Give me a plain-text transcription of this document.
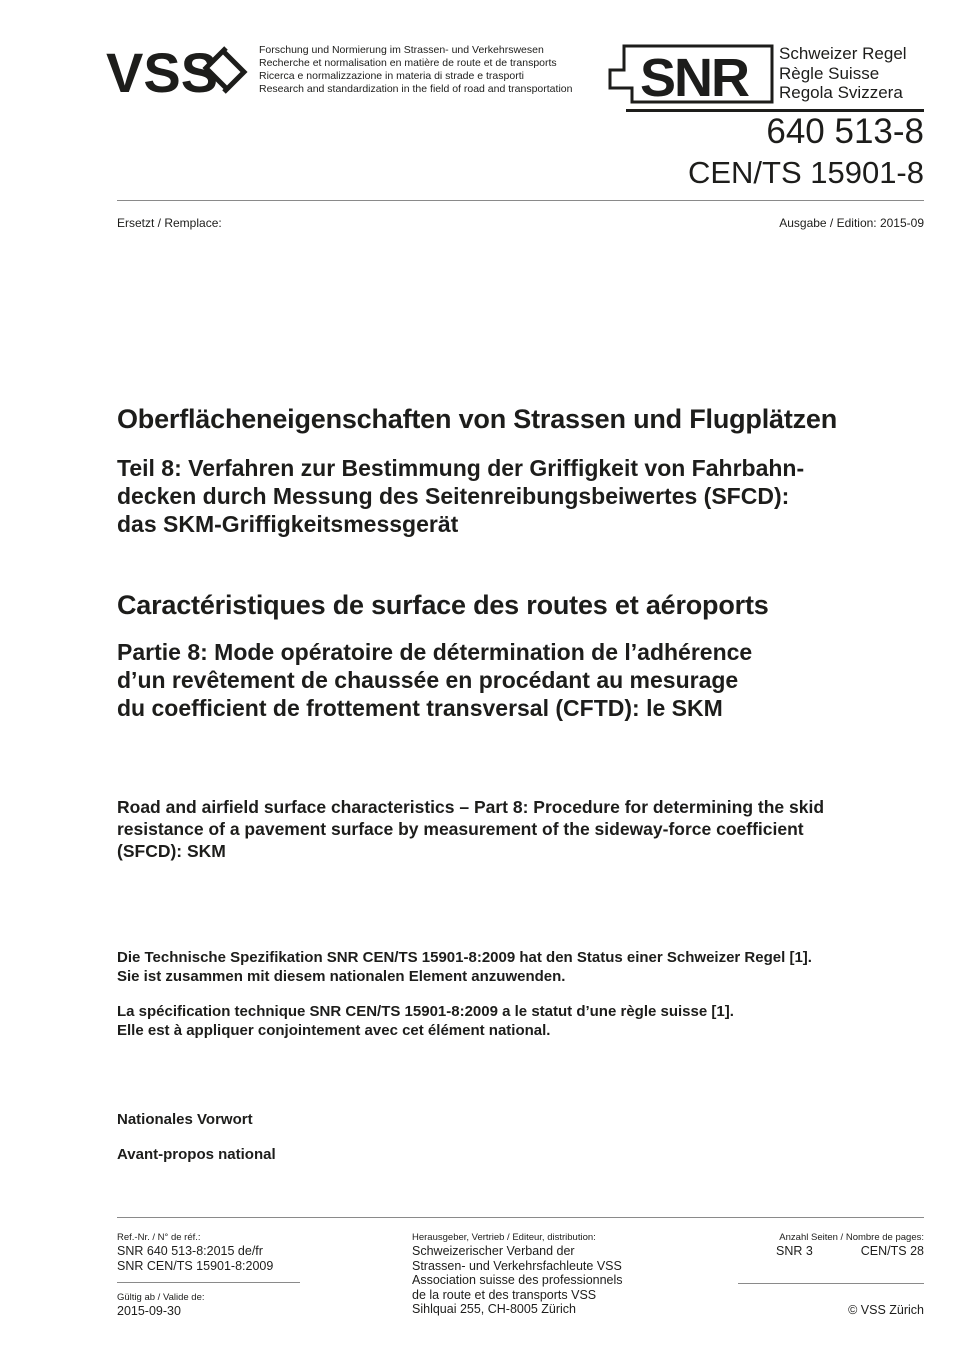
VSS	Forschung und Normierung im Strassen- und Verkehrswesen
Recherche et normalisation en matière de route et de transports
Ricerca e normalizzazione in materia di strade e trasporti
Research and standardization in the field of road and transportation SNR Schweizer Regel
Règle Suisse
Regola Svizzera
640 513-8
CEN/TS 15901-8
Ersetzt / Remplace:	Ausgabe / Edition: 2015-09
Oberflächeneigenschaften von Strassen und Flugplätzen
Teil 8: Verfahren zur Bestimmung der Griffigkeit von Fahrbahn-
decken durch Messung des Seitenreibungsbeiwertes (SFCD):
das SKM-Griffigkeitsmessgerät
Caractéristiques de surface des routes et aéroports
Partie 8: Mode opératoire de détermination de l’adhérence
d’un revêtement de chaussée en procédant au mesurage
du coefficient de frottement transversal (CFTD): le SKM
Road and airfield surface characteristics – Part 8: Procedure for determining the skid
resistance of a pavement surface by measurement of the sideway-force coefficient
(SFCD): SKM
Die Technische Spezifikation SNR CEN/TS 15901-8:2009 hat den Status einer Schweizer Regel [1].
Sie ist zusammen mit diesem nationalen Element anzuwenden.
La spécification technique SNR CEN/TS 15901-8:2009 a le statut d’une règle suisse [1].
Elle est à appliquer conjointement avec cet élément national.
Nationales Vorwort
Avant-propos national
Ref.-Nr. / N° de réf.:
SNR 640 513-8:2015 de/fr
SNR CEN/TS 15901-8:2009
Gültig ab / Valide de:
2015-09-30
Herausgeber, Vertrieb / Editeur, distribution:
Schweizerischer Verband der
Strassen- und Verkehrsfachleute VSS
Association suisse des professionnels
de la route et des transports VSS
Sihlquai 255, CH-8005 Zürich
Anzahl Seiten / Nombre de pages:
SNR 3	CEN/TS 28
© VSS Zürich
